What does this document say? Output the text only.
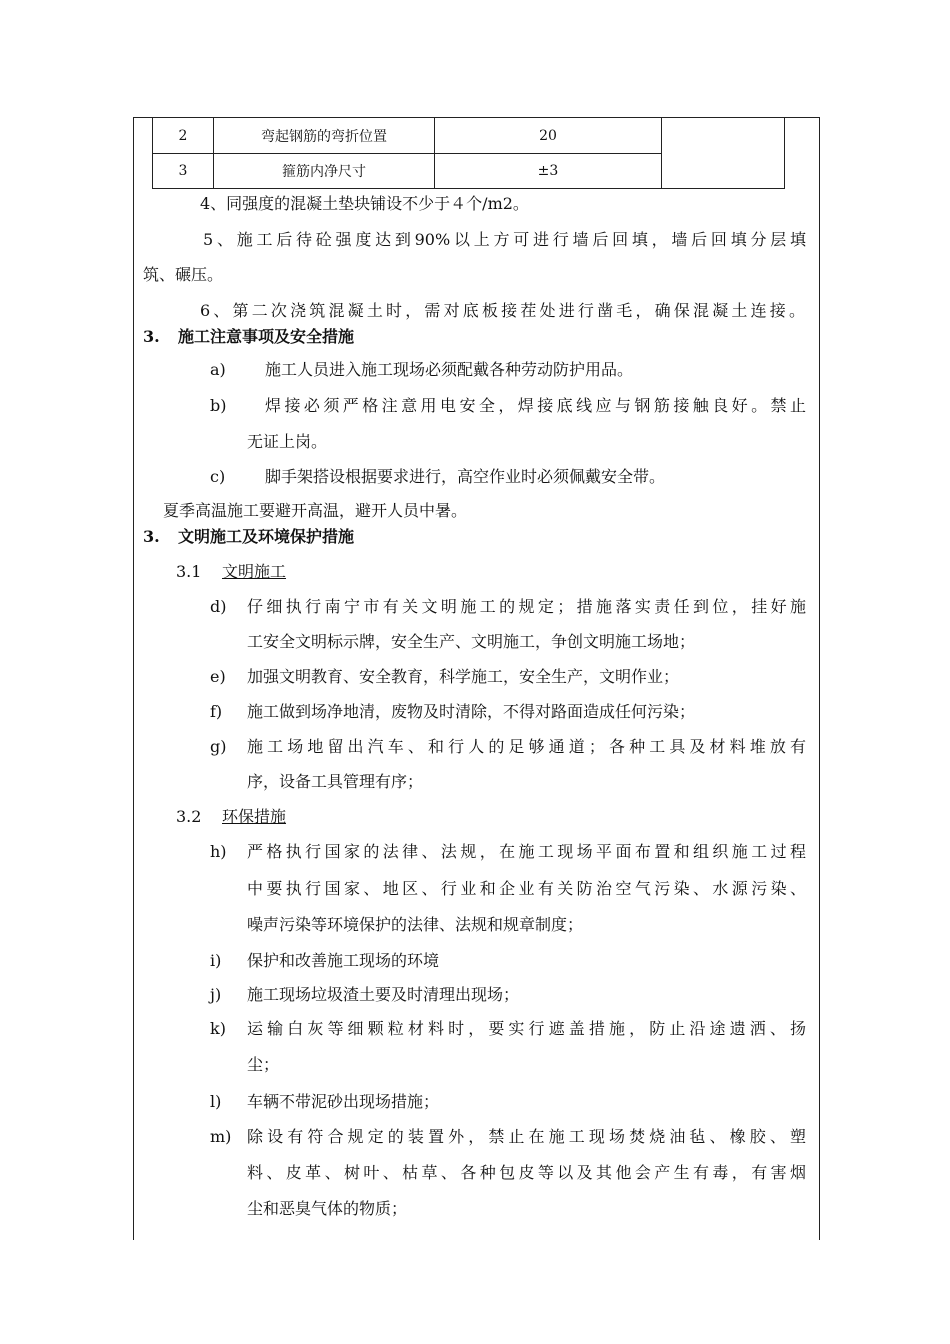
2	弯起钢筋的弯折位置	20	
3	箍筋内净尺寸	±3	
4、同强度的混凝土垫块铺设不少于４个/m2。
5、施工后待砼强度达到90%以上方可进行墙后回填，墙后回填分层填
筑、碾压。
6、第二次浇筑混凝土时，需对底板接茬处进行凿毛，确保混凝土连接。
3. 施工注意事项及安全措施
a) 施工人员进入施工现场必须配戴各种劳动防护用品。
b) 焊接必须严格注意用电安全，焊接底线应与钢筋接触良好。禁止
无证上岗。
c) 脚手架搭设根据要求进行，高空作业时必须佩戴安全带。
夏季高温施工要避开高温，避开人员中暑。
3. 文明施工及环境保护措施
3.1 文明施工
d) 仔细执行南宁市有关文明施工的规定；措施落实责任到位，挂好施
工安全文明标示牌，安全生产、文明施工，争创文明施工场地；
e) 加强文明教育、安全教育，科学施工，安全生产，文明作业；
f) 施工做到场净地清，废物及时清除，不得对路面造成任何污染；
g) 施工场地留出汽车、和行人的足够通道；各种工具及材料堆放有
序，设备工具管理有序；
3.2 环保措施
h) 严格执行国家的法律、法规，在施工现场平面布置和组织施工过程
中要执行国家、地区、行业和企业有关防治空气污染、水源污染、
噪声污染等环境保护的法律、法规和规章制度；
i) 保护和改善施工现场的环境
j) 施工现场垃圾渣土要及时清理出现场；
k) 运输白灰等细颗粒材料时，要实行遮盖措施，防止沿途遗洒、扬
尘；
l) 车辆不带泥砂出现场措施；
m) 除设有符合规定的装置外，禁止在施工现场焚烧油毡、橡胶、塑
料、皮革、树叶、枯草、各种包皮等以及其他会产生有毒，有害烟
尘和恶臭气体的物质；
